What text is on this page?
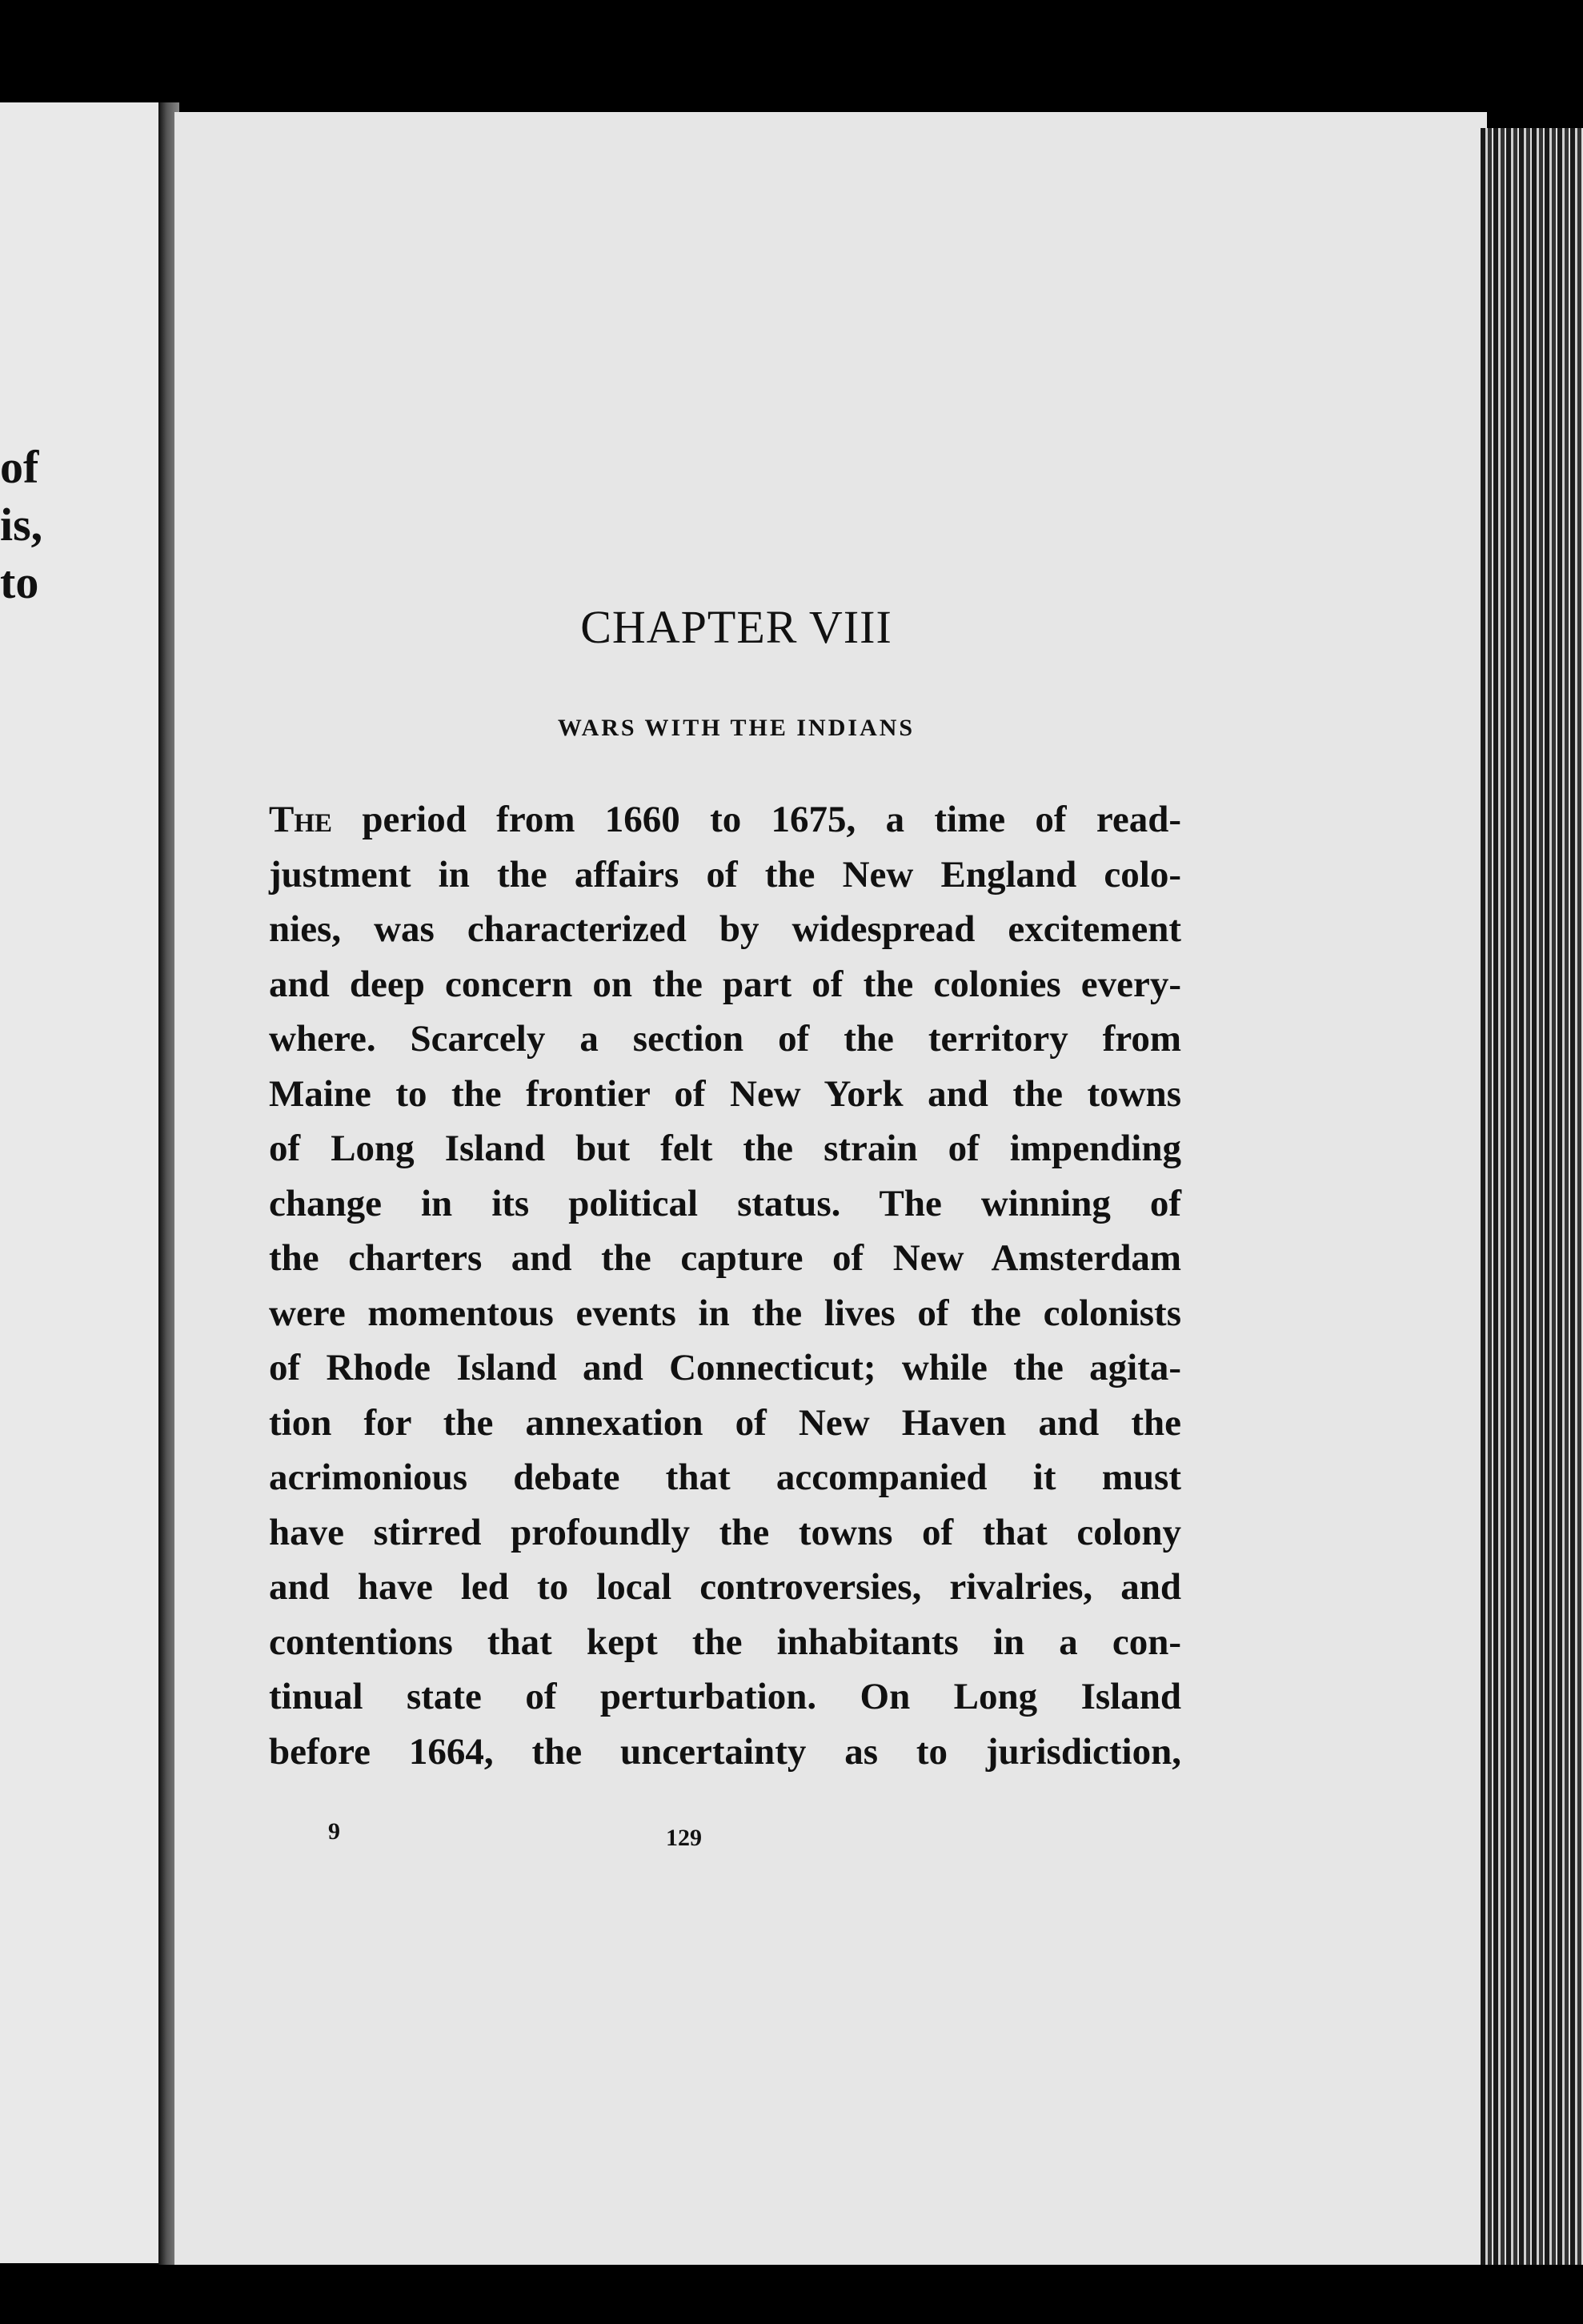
of
is,
to
CHAPTER VIII
WARS WITH THE INDIANS
The period from 1660 to 1675, a time of read-
justment in the affairs of the New England colo-
nies, was characterized by widespread excitement
and deep concern on the part of the colonies every-
where. Scarcely a section of the territory from
Maine to the frontier of New York and the towns
of Long Island but felt the strain of impending
change in its political status. The winning of
the charters and the capture of New Amsterdam
were momentous events in the lives of the colonists
of Rhode Island and Connecticut; while the agita-
tion for the annexation of New Haven and the
acrimonious debate that accompanied it must
have stirred profoundly the towns of that colony
and have led to local controversies, rivalries, and
contentions that kept the inhabitants in a con-
tinual state of perturbation. On Long Island
before 1664, the uncertainty as to jurisdiction,
9	129
